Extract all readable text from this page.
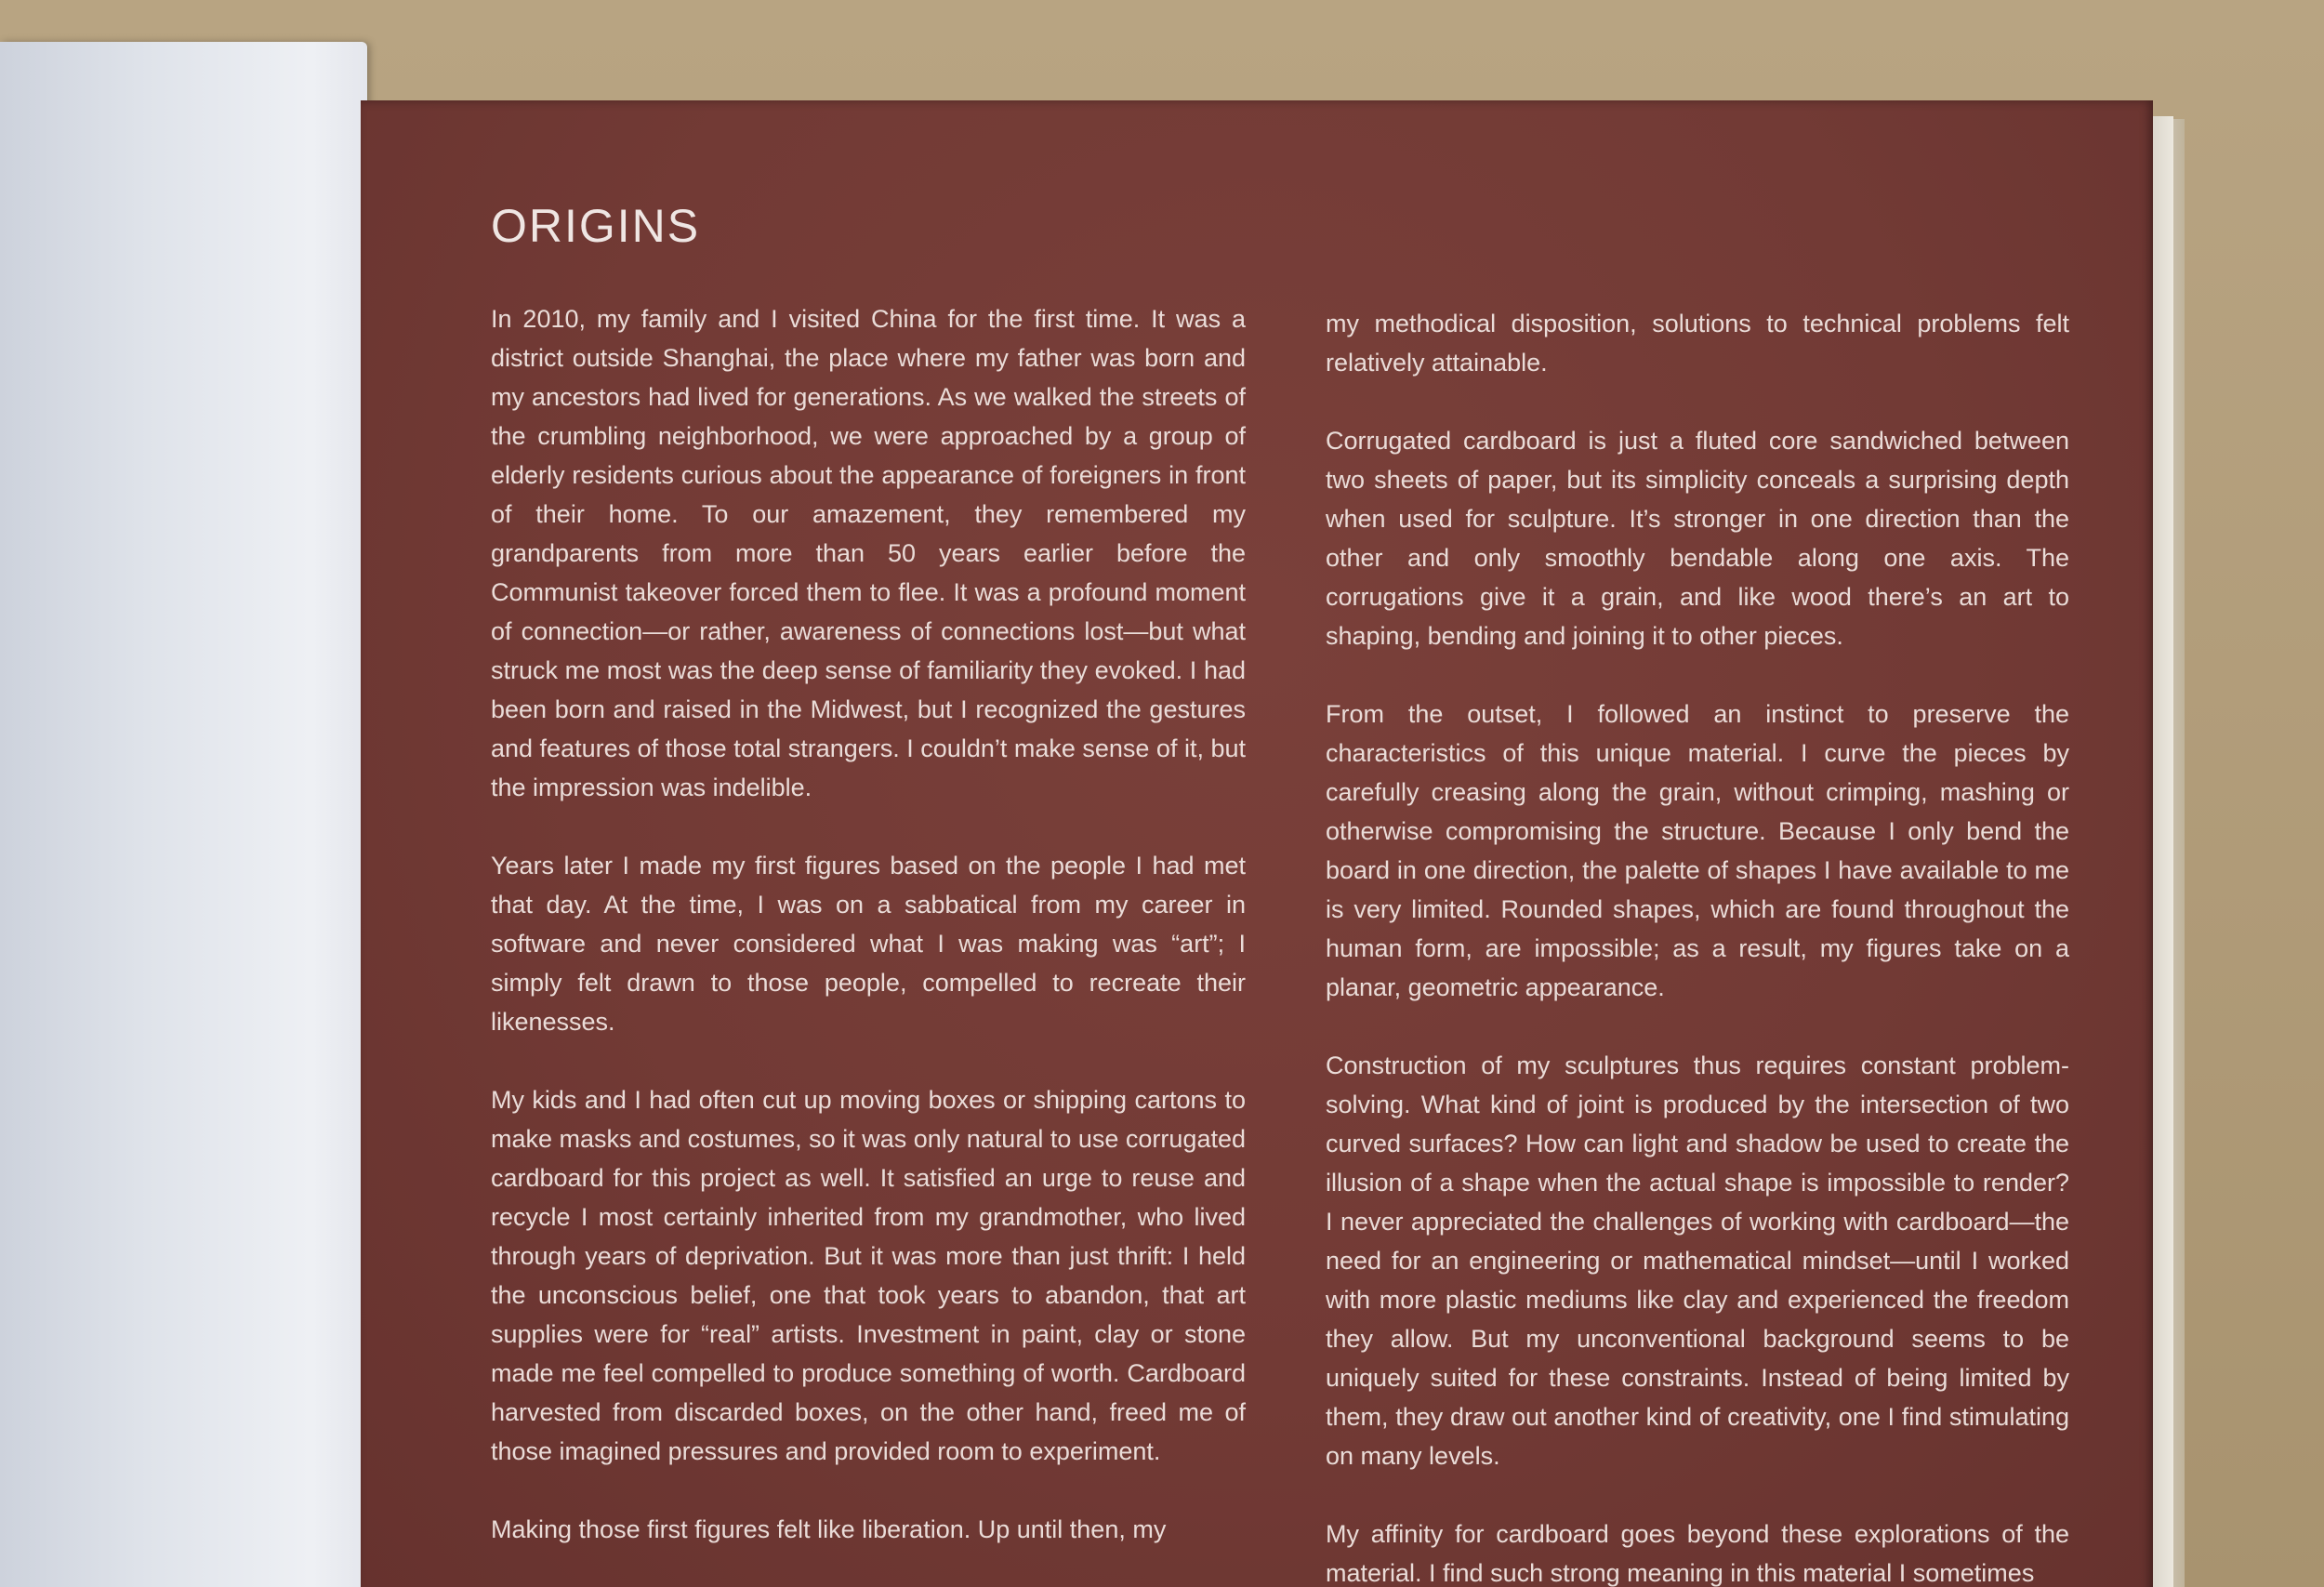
ORIGINS

In 2010, my family and I visited China for the first time. It was a district outside Shanghai, the place where my father was born and my ancestors had lived for generations. As we walked the streets of the crumbling neighborhood, we were approached by a group of elderly residents curious about the appearance of foreigners in front of their home. To our amazement, they remembered my grandparents from more than 50 years earlier before the Communist takeover forced them to flee. It was a profound moment of connection—or rather, awareness of connections lost—but what struck me most was the deep sense of familiarity they evoked. I had been born and raised in the Midwest, but I recognized the gestures and features of those total strangers. I couldn’t make sense of it, but the impression was indelible.

Years later I made my first figures based on the people I had met that day. At the time, I was on a sabbatical from my career in software and never considered what I was making was “art”; I simply felt drawn to those people, compelled to recreate their likenesses.

My kids and I had often cut up moving boxes or shipping cartons to make masks and costumes, so it was only natural to use corrugated cardboard for this project as well. It satisfied an urge to reuse and recycle I most certainly inherited from my grandmother, who lived through years of deprivation. But it was more than just thrift: I held the unconscious belief, one that took years to abandon, that art supplies were for “real” artists. Investment in paint, clay or stone made me feel compelled to produce something of worth. Cardboard harvested from discarded boxes, on the other hand, freed me of those imagined pressures and provided room to experiment.

Making those first figures felt like liberation. Up until then, my

my methodical disposition, solutions to technical problems felt relatively attainable.

Corrugated cardboard is just a fluted core sandwiched between two sheets of paper, but its simplicity conceals a surprising depth when used for sculpture. It’s stronger in one direction than the other and only smoothly bendable along one axis. The corrugations give it a grain, and like wood there’s an art to shaping, bending and joining it to other pieces.

From the outset, I followed an instinct to preserve the characteristics of this unique material. I curve the pieces by carefully creasing along the grain, without crimping, mashing or otherwise compromising the structure. Because I only bend the board in one direction, the palette of shapes I have available to me is very limited. Rounded shapes, which are found throughout the human form, are impossible; as a result, my figures take on a planar, geometric appearance.

Construction of my sculptures thus requires constant problem-solving. What kind of joint is produced by the intersection of two curved surfaces? How can light and shadow be used to create the illusion of a shape when the actual shape is impossible to render? I never appreciated the challenges of working with cardboard—the need for an engineering or mathematical mindset—until I worked with more plastic mediums like clay and experienced the freedom they allow. But my unconventional background seems to be uniquely suited for these constraints. Instead of being limited by them, they draw out another kind of creativity, one I find stimulating on many levels.

My affinity for cardboard goes beyond these explorations of the material. I find such strong meaning in this material I sometimes
